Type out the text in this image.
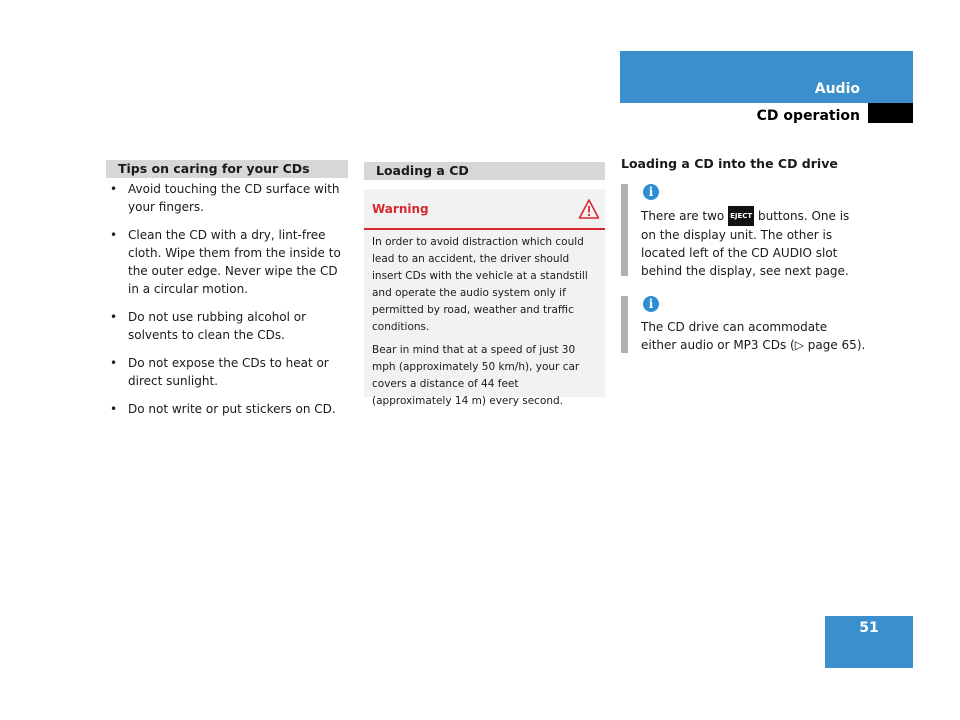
Audio
CD operation
Tips on caring for your CDs
• Avoid touching the CD surface with your fingers.
• Clean the CD with a dry, lint-free cloth. Wipe them from the inside to the outer edge. Never wipe the CD in a circular motion.
• Do not use rubbing alcohol or solvents to clean the CDs.
• Do not expose the CDs to heat or direct sunlight.
• Do not write or put stickers on CD.
Loading a CD
Warning

In order to avoid distraction which could lead to an accident, the driver should insert CDs with the vehicle at a standstill and operate the audio system only if permitted by road, weather and traffic conditions.

Bear in mind that at a speed of just 30 mph (approximately 50 km/h), your car covers a distance of 44 feet (approximately 14 m) every second.

Loading a CD into the CD drive
i
There are two EJECT buttons. One is on the display unit. The other is located left of the CD AUDIO slot behind the display, see next page.
i
The CD drive can acommodate either audio or MP3 CDs (▷ page 65).
51
